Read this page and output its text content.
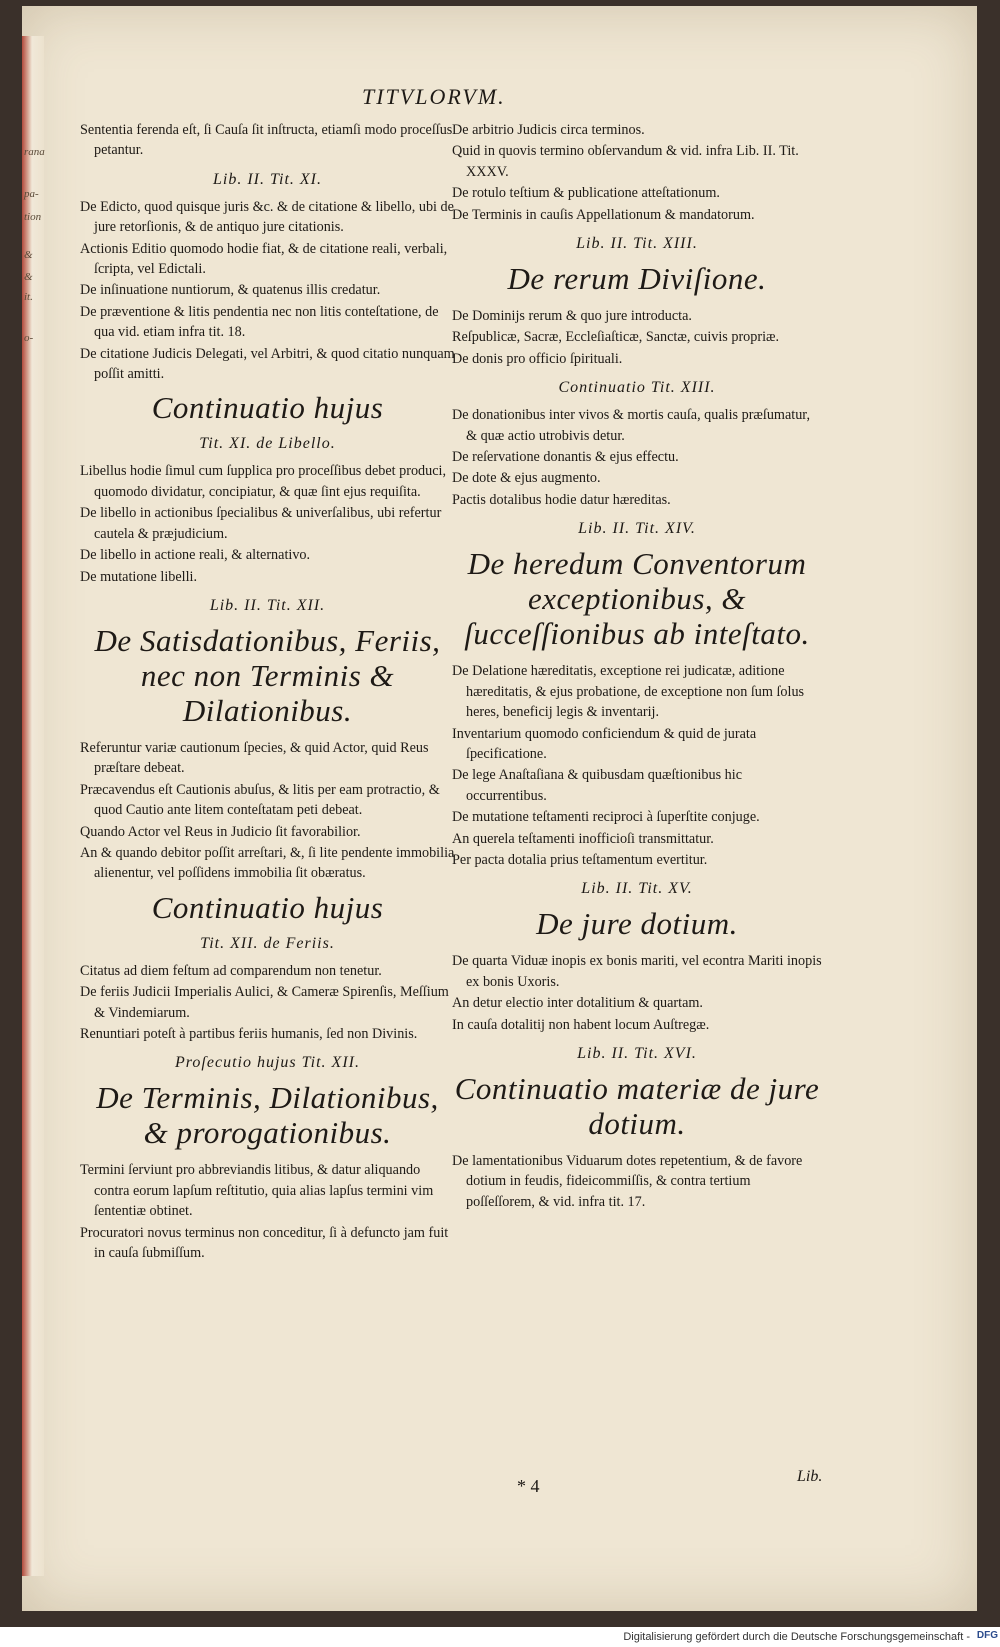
rana
pa-
tion
&
&
it.
o-
TITVLORVM.
Sententia ferenda eſt, ſi Cauſa ſit inſtructa, etiamſi modo proceſſus petantur.
Lib. II. Tit. XI.
De Edicto, quod quisque juris &c. & de citatione & libello, ubi de jure retorſionis, & de antiquo jure citationis.
Actionis Editio quomodo hodie fiat, & de citatione reali, verbali, ſcripta, vel Edictali.
De inſinuatione nuntiorum, & quatenus illis credatur.
De præventione & litis pendentia nec non litis conteſtatione, de qua vid. etiam infra tit. 18.
De citatione Judicis Delegati, vel Arbitri, & quod citatio nunquam poſſit amitti.
Continuatio hujus
Tit. XI. de Libello.
Libellus hodie ſimul cum ſupplica pro proceſſibus debet produci, quomodo dividatur, concipiatur, & quæ ſint ejus requiſita.
De libello in actionibus ſpecialibus & univerſalibus, ubi refertur cautela & præjudicium.
De libello in actione reali, & alternativo.
De mutatione libelli.
Lib. II. Tit. XII.
De Satisdationibus, Feriis, nec non Terminis & Dilationibus.
Referuntur variæ cautionum ſpecies, & quid Actor, quid Reus præſtare debeat.
Præcavendus eſt Cautionis abuſus, & litis per eam protractio, & quod Cautio ante litem conteſtatam peti debeat.
Quando Actor vel Reus in Judicio ſit favorabilior.
An & quando debitor poſſit arreſtari, &, ſi lite pendente immobilia alienentur, vel poſſidens immobilia ſit obæratus.
Continuatio hujus
Tit. XII. de Feriis.
Citatus ad diem feſtum ad comparendum non tenetur.
De feriis Judicii Imperialis Aulici, & Cameræ Spirenſis, Meſſium & Vindemiarum.
Renuntiari poteſt à partibus feriis humanis, ſed non Divinis.
Proſecutio hujus Tit. XII.
De Terminis, Dilationibus, & prorogationibus.
Termini ſerviunt pro abbreviandis litibus, & datur aliquando contra eorum lapſum reſtitutio, quia alias lapſus termini vim ſententiæ obtinet.
Procuratori novus terminus non conceditur, ſi à defuncto jam fuit in cauſa ſubmiſſum.
De arbitrio Judicis circa terminos.
Quid in quovis termino obſervandum & vid. infra Lib. II. Tit. XXXV.
De rotulo teſtium & publicatione atteſtationum.
De Terminis in cauſis Appellationum & mandatorum.
Lib. II. Tit. XIII.
De rerum Diviſione.
De Dominijs rerum & quo jure introducta.
Reſpublicæ, Sacræ, Eccleſiaſticæ, Sanctæ, cuivis propriæ.
De donis pro officio ſpirituali.
Continuatio Tit. XIII.
De donationibus inter vivos & mortis cauſa, qualis præſumatur, & quæ actio utrobivis detur.
De reſervatione donantis & ejus effectu.
De dote & ejus augmento.
Pactis dotalibus hodie datur hæreditas.
Lib. II. Tit. XIV.
De heredum Conventorum exceptionibus, & ſucceſſionibus ab inteſtato.
De Delatione hæreditatis, exceptione rei judicatæ, aditione hæreditatis, & ejus probatione, de exceptione non ſum ſolus heres, beneficij legis & inventarij.
Inventarium quomodo conficiendum & quid de jurata ſpecificatione.
De lege Anaſtaſiana & quibusdam quæſtionibus hic occurrentibus.
De mutatione teſtamenti reciproci à ſuperſtite conjuge.
An querela teſtamenti inofficioſi transmittatur.
Per pacta dotalia prius teſtamentum evertitur.
Lib. II. Tit. XV.
De jure dotium.
De quarta Viduæ inopis ex bonis mariti, vel econtra Mariti inopis ex bonis Uxoris.
An detur electio inter dotalitium & quartam.
In cauſa dotalitij non habent locum Auſtregæ.
Lib. II. Tit. XVI.
Continuatio materiæ de jure dotium.
De lamentationibus Viduarum dotes repetentium, & de favore dotium in feudis, fideicommiſſis, & contra tertium poſſeſſorem, & vid. infra tit. 17.
* 4	Lib.
Digitalisierung gefördert durch die Deutsche Forschungsgemeinschaft - DFG
